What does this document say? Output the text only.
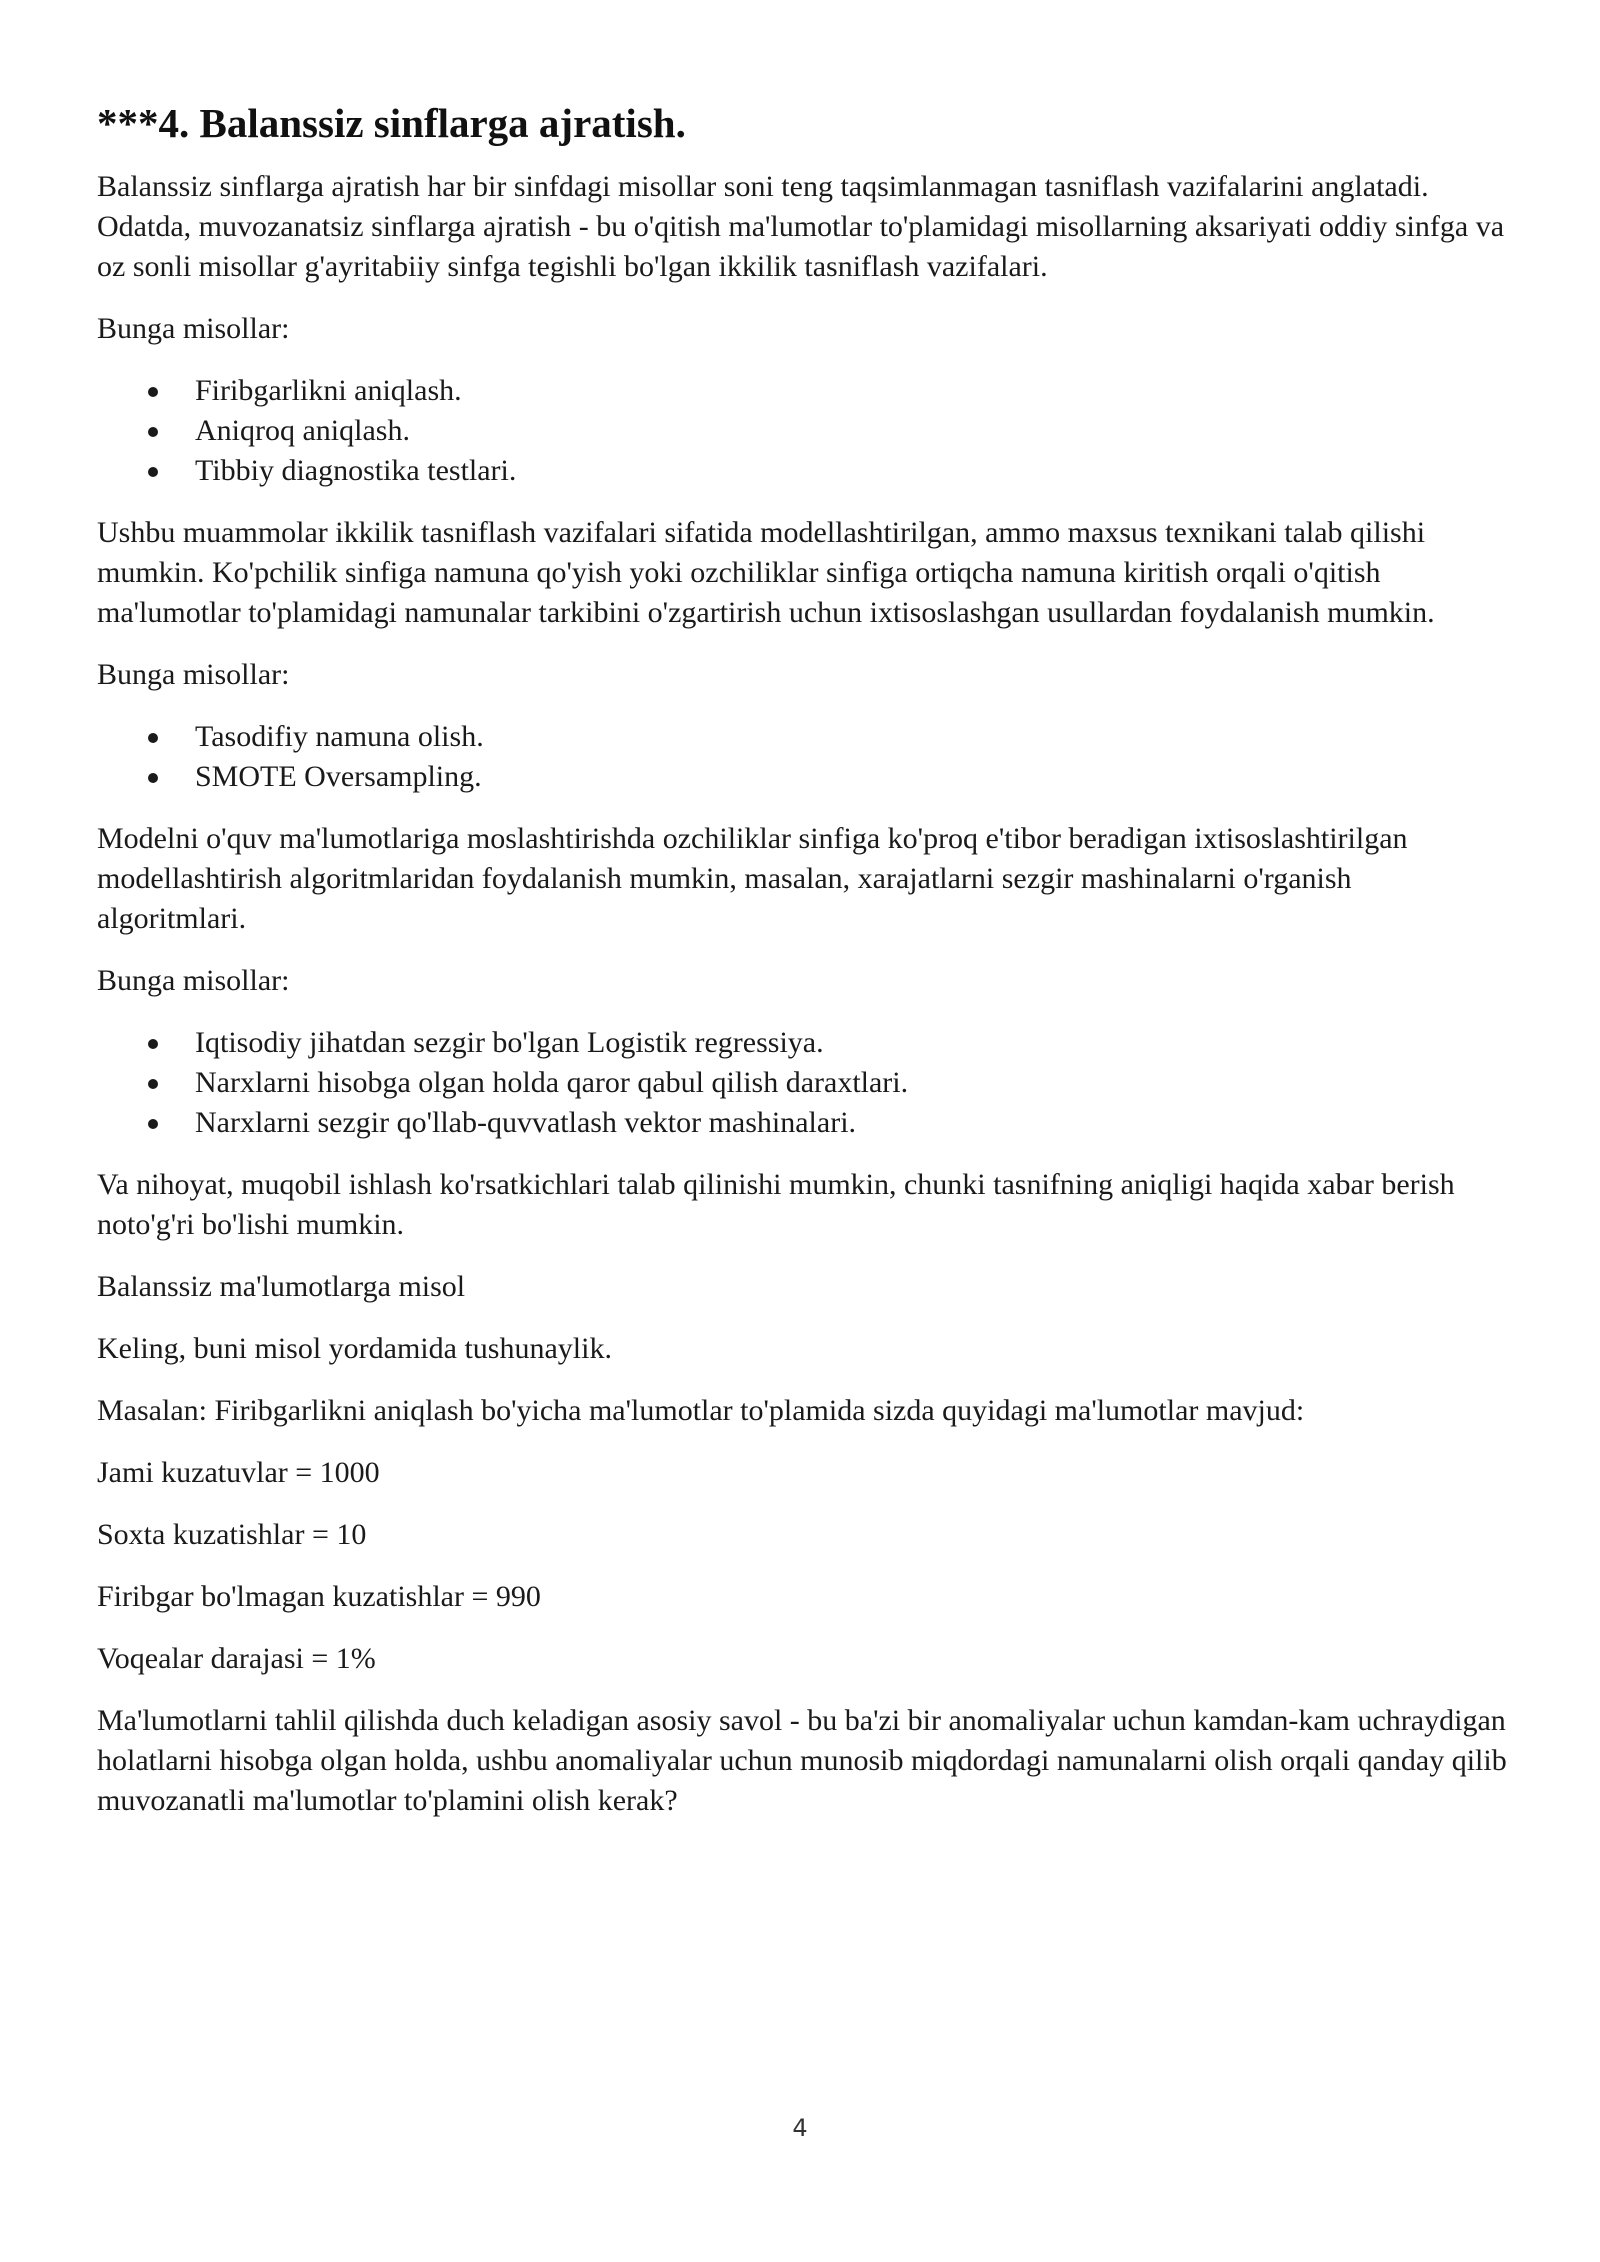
***4. Balanssiz sinflarga ajratish.

Balanssiz sinflarga ajratish har bir sinfdagi misollar soni teng taqsimlanmagan tasniflash vazifalarini anglatadi. Odatda, muvozanatsiz sinflarga ajratish - bu o'qitish ma'lumotlar to'plamidagi misollarning aksariyati oddiy sinfga va oz sonli misollar g'ayritabiiy sinfga tegishli bo'lgan ikkilik tasniflash vazifalari.

Bunga misollar:

Firibgarlikni aniqlash.
Aniqroq aniqlash.
Tibbiy diagnostika testlari.

Ushbu muammolar ikkilik tasniflash vazifalari sifatida modellashtirilgan, ammo maxsus texnikani talab qilishi mumkin. Ko'pchilik sinfiga namuna qo'yish yoki ozchiliklar sinfiga ortiqcha namuna kiritish orqali o'qitish ma'lumotlar to'plamidagi namunalar tarkibini o'zgartirish uchun ixtisoslashgan usullardan foydalanish mumkin.

Bunga misollar:

Tasodifiy namuna olish.
SMOTE Oversampling.

Modelni o'quv ma'lumotlariga moslashtirishda ozchiliklar sinfiga ko'proq e'tibor beradigan ixtisoslashtirilgan modellashtirish algoritmlaridan foydalanish mumkin, masalan, xarajatlarni sezgir mashinalarni o'rganish algoritmlari.

Bunga misollar:

Iqtisodiy jihatdan sezgir bo'lgan Logistik regressiya.
Narxlarni hisobga olgan holda qaror qabul qilish daraxtlari.
Narxlarni sezgir qo'llab-quvvatlash vektor mashinalari.

Va nihoyat, muqobil ishlash ko'rsatkichlari talab qilinishi mumkin, chunki tasnifning aniqligi haqida xabar berish noto'g'ri bo'lishi mumkin.

Balanssiz ma'lumotlarga misol

Keling, buni misol yordamida tushunaylik.

Masalan: Firibgarlikni aniqlash bo'yicha ma'lumotlar to'plamida sizda quyidagi ma'lumotlar mavjud:

Jami kuzatuvlar = 1000

Soxta kuzatishlar = 10

Firibgar bo'lmagan kuzatishlar = 990

Voqealar darajasi = 1%

Ma'lumotlarni tahlil qilishda duch keladigan asosiy savol - bu ba'zi bir anomaliyalar uchun kamdan-kam uchraydigan holatlarni hisobga olgan holda, ushbu anomaliyalar uchun munosib miqdordagi namunalarni olish orqali qanday qilib muvozanatli ma'lumotlar to'plamini olish kerak?

4
